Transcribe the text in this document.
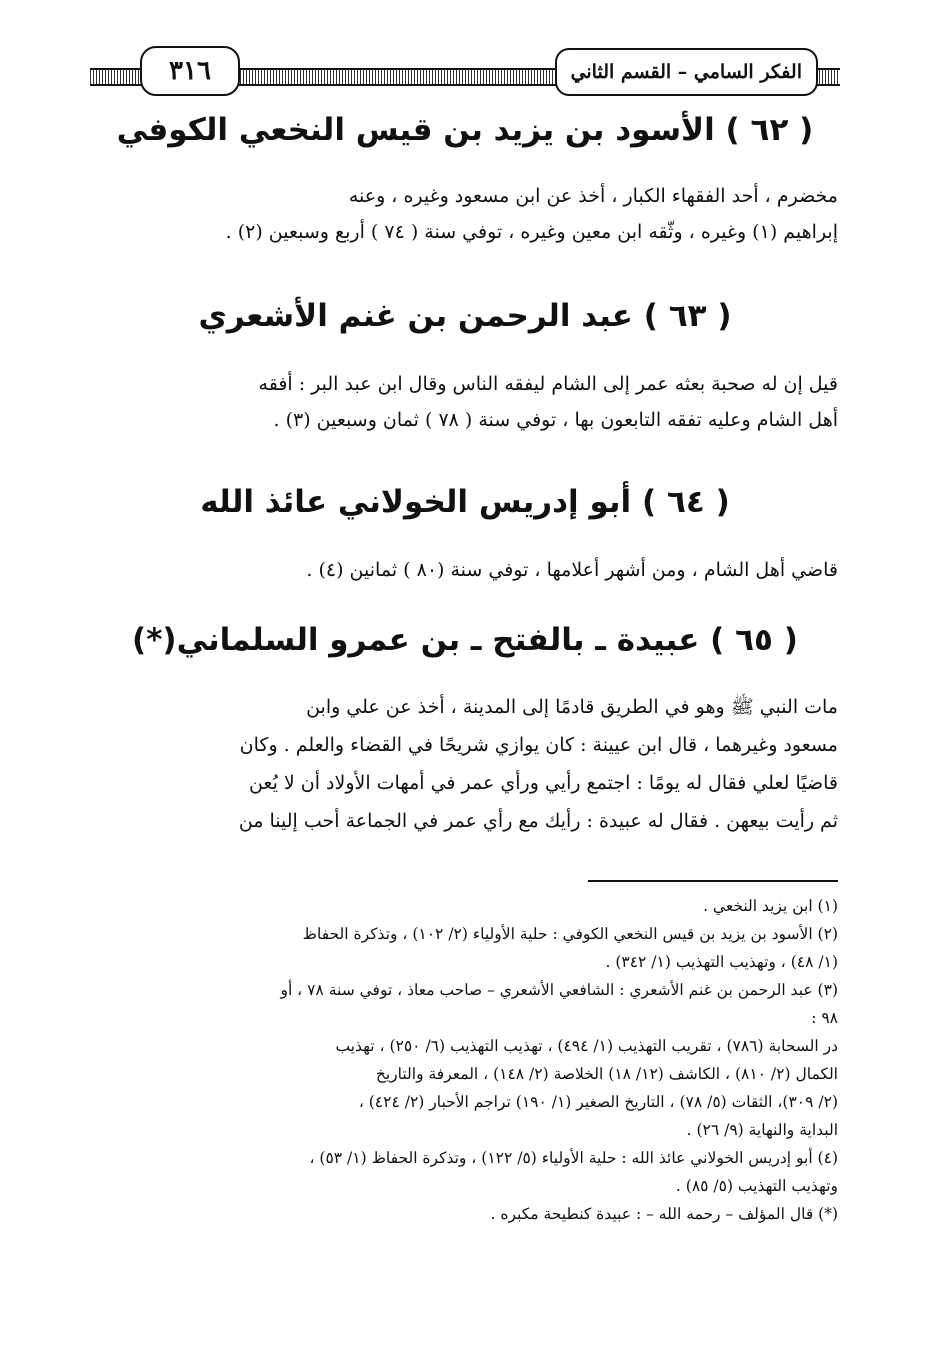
الفكر السامي – القسم الثاني
٣١٦
( ٦٢ ) الأسود بن يزيد بن قيس النخعي الكوفي

مخضرم ، أحد الفقهاء الكبار ، أخذ عن ابن مسعود وغيره ، وعنه

إبراهيم (١) وغيره ، وثّقه ابن معين وغيره ، توفي سنة ( ٧٤ ) أربع وسبعين (٢) .

( ٦٣ ) عبد الرحمن بن غنم الأشعري

قيل إن له صحبة بعثه عمر إلى الشام ليفقه الناس وقال ابن عبد البر : أفقه

أهل الشام وعليه تفقه التابعون بها ، توفي سنة ( ٧٨ ) ثمان وسبعين (٣) .

( ٦٤ ) أبو إدريس الخولاني عائذ الله

قاضي أهل الشام ، ومن أشهر أعلامها ، توفي سنة (٨٠ ) ثمانين (٤) .

( ٦٥ ) عبيدة ـ بالفتح ـ بن عمرو السلماني(*)

مات النبي ﷺ وهو في الطريق قادمًا إلى المدينة ، أخذ عن علي وابن

مسعود وغيرهما ، قال ابن عيينة : كان يوازي شريحًا في القضاء والعلم . وكان

قاضيًا لعلي فقال له يومًا : اجتمع رأيي ورأي عمر في أمهات الأولاد أن لا يُعن

ثم رأيت بيعهن . فقال له عبيدة : رأيك مع رأي عمر في الجماعة أحب إلينا من

(١) ابن يزيد النخعي .
(٢) الأسود بن يزيد بن قيس النخعي الكوفي : حلية الأولياء (٢/ ١٠٢) ، وتذكرة الحفاظ
(١/ ٤٨) ، وتهذيب التهذيب (١/ ٣٤٢) .
(٣) عبد الرحمن بن غنم الأشعري : الشافعي الأشعري – صاحب معاذ ، توفي سنة ٧٨ ، أو
٩٨ :
در السحابة (٧٨٦) ، تقريب التهذيب (١/ ٤٩٤) ، تهذيب التهذيب (٦/ ٢٥٠) ، تهذيب
الكمال (٢/ ٨١٠) ، الكاشف (١٢/ ١٨) الخلاصة (٢/ ١٤٨) ، المعرفة والتاريخ
(٢/ ٣٠٩)، الثقات (٥/ ٧٨) ، التاريخ الصغير (١/ ١٩٠) تراجم الأحبار (٢/ ٤٢٤) ،
البداية والنهاية (٩/ ٢٦) .
(٤) أبو إدريس الخولاني عائذ الله : حلية الأولياء (٥/ ١٢٢) ، وتذكرة الحفاظ (١/ ٥٣) ،
وتهذيب التهذيب (٥/ ٨٥) .
(*) قال المؤلف – رحمه الله – : عبيدة كنطيحة مكبره .
